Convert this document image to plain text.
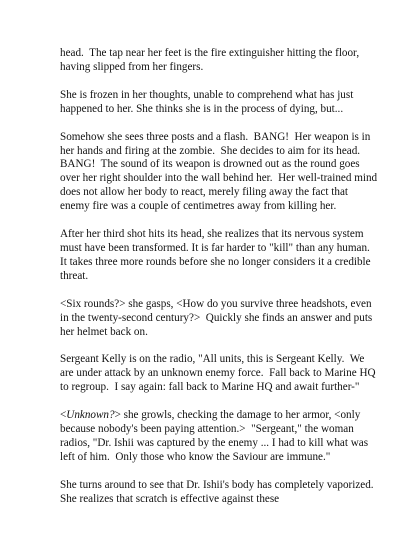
head.  The tap near her feet is the fire extinguisher hitting the floor, having slipped from her fingers.

She is frozen in her thoughts, unable to comprehend what has just happened to her. She thinks she is in the process of dying, but...

Somehow she sees three posts and a flash.  BANG!  Her weapon is in her hands and firing at the zombie.  She decides to aim for its head.  BANG!  The sound of its weapon is drowned out as the round goes over her right shoulder into the wall behind her.  Her well-trained mind does not allow her body to react, merely filing away the fact that enemy fire was a couple of centimetres away from killing her.

After her third shot hits its head, she realizes that its nervous system must have been transformed. It is far harder to "kill" than any human.  It takes three more rounds before she no longer considers it a credible threat.

<Six rounds?> she gasps, <How do you survive three headshots, even in the twenty-second century?>  Quickly she finds an answer and puts her helmet back on.

Sergeant Kelly is on the radio, "All units, this is Sergeant Kelly.  We are under attack by an unknown enemy force.  Fall back to Marine HQ to regroup.  I say again: fall back to Marine HQ and await further-"

<Unknown?> she growls, checking the damage to her armor, <only because nobody's been paying attention.>  "Sergeant," the woman radios, "Dr. Ishii was captured by the enemy ... I had to kill what was left of him.  Only those who know the Saviour are immune."

She turns around to see that Dr. Ishii's body has completely vaporized.  She realizes that scratch is effective against these
